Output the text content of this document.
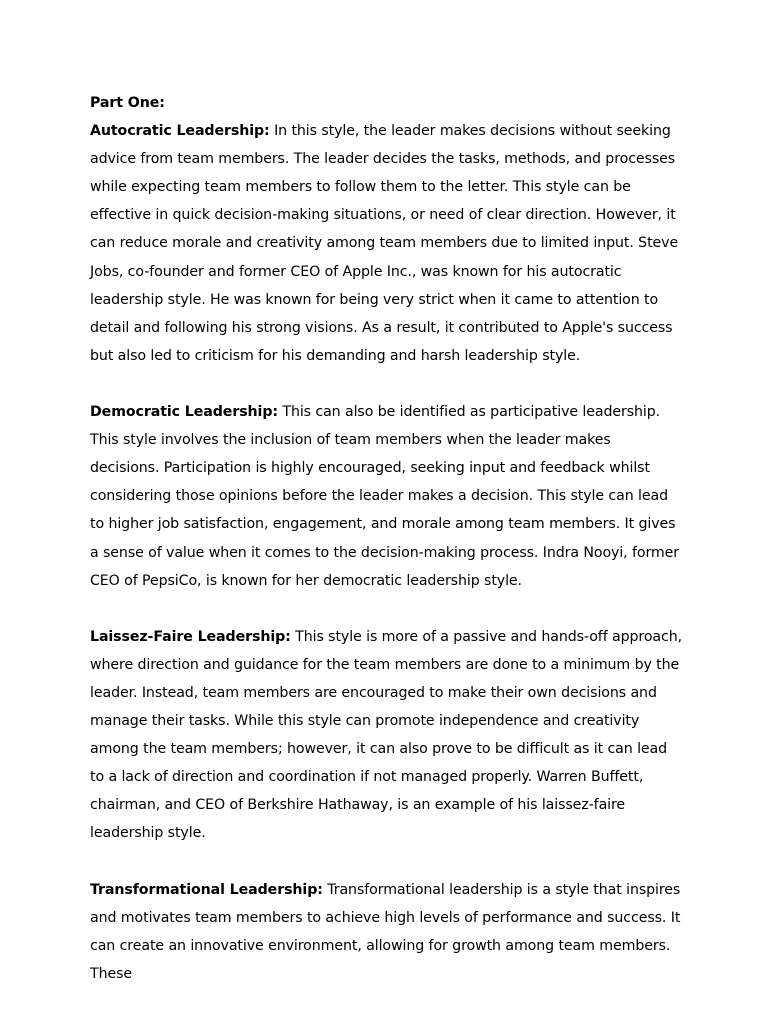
Part One:

Autocratic Leadership: In this style, the leader makes decisions without seeking advice from team members. The leader decides the tasks, methods, and processes while expecting team members to follow them to the letter. This style can be effective in quick decision-making situations, or need of clear direction. However, it can reduce morale and creativity among team members due to limited input. Steve Jobs, co-founder and former CEO of Apple Inc., was known for his autocratic leadership style. He was known for being very strict when it came to attention to detail and following his strong visions. As a result, it contributed to Apple's success but also led to criticism for his demanding and harsh leadership style.

Democratic Leadership: This can also be identified as participative leadership. This style involves the inclusion of team members when the leader makes decisions. Participation is highly encouraged, seeking input and feedback whilst considering those opinions before the leader makes a decision. This style can lead to higher job satisfaction, engagement, and morale among team members. It gives a sense of value when it comes to the decision-making process. Indra Nooyi, former CEO of PepsiCo, is known for her democratic leadership style.

Laissez-Faire Leadership: This style is more of a passive and hands-off approach, where direction and guidance for the team members are done to a minimum by the leader. Instead, team members are encouraged to make their own decisions and manage their tasks. While this style can promote independence and creativity among the team members; however, it can also prove to be difficult as it can lead to a lack of direction and coordination if not managed properly. Warren Buffett, chairman, and CEO of Berkshire Hathaway, is an example of his laissez-faire leadership style.

Transformational Leadership: Transformational leadership is a style that inspires and motivates team members to achieve high levels of performance and success. It can create an innovative environment, allowing for growth among team members. These
